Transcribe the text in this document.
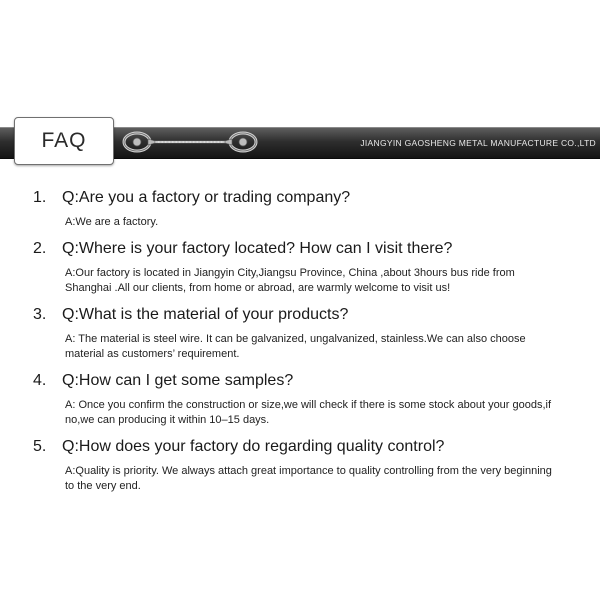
FAQ	JIANGYIN GAOSHENG METAL MANUFACTURE CO.,LTD
1. Q:Are you a factory or trading company?
A:We are a factory.
2. Q:Where is your factory located? How can I visit there?
A:Our factory is located in Jiangyin City,Jiangsu Province, China ,about 3hours bus ride from Shanghai .All our clients, from home or abroad, are warmly welcome to visit us!
3. Q:What is the material of your products?
A: The material is steel wire. It can be galvanized, ungalvanized, stainless.We can also choose material as customers’ requirement.
4. Q:How can I get some samples?
A: Once you confirm the construction or size,we will check if there is some stock about your goods,if no,we can producing it within 10–15 days.
5. Q:How does your factory do regarding quality control?
A:Quality is priority. We always attach great importance to quality controlling from the very beginning to the very end.
